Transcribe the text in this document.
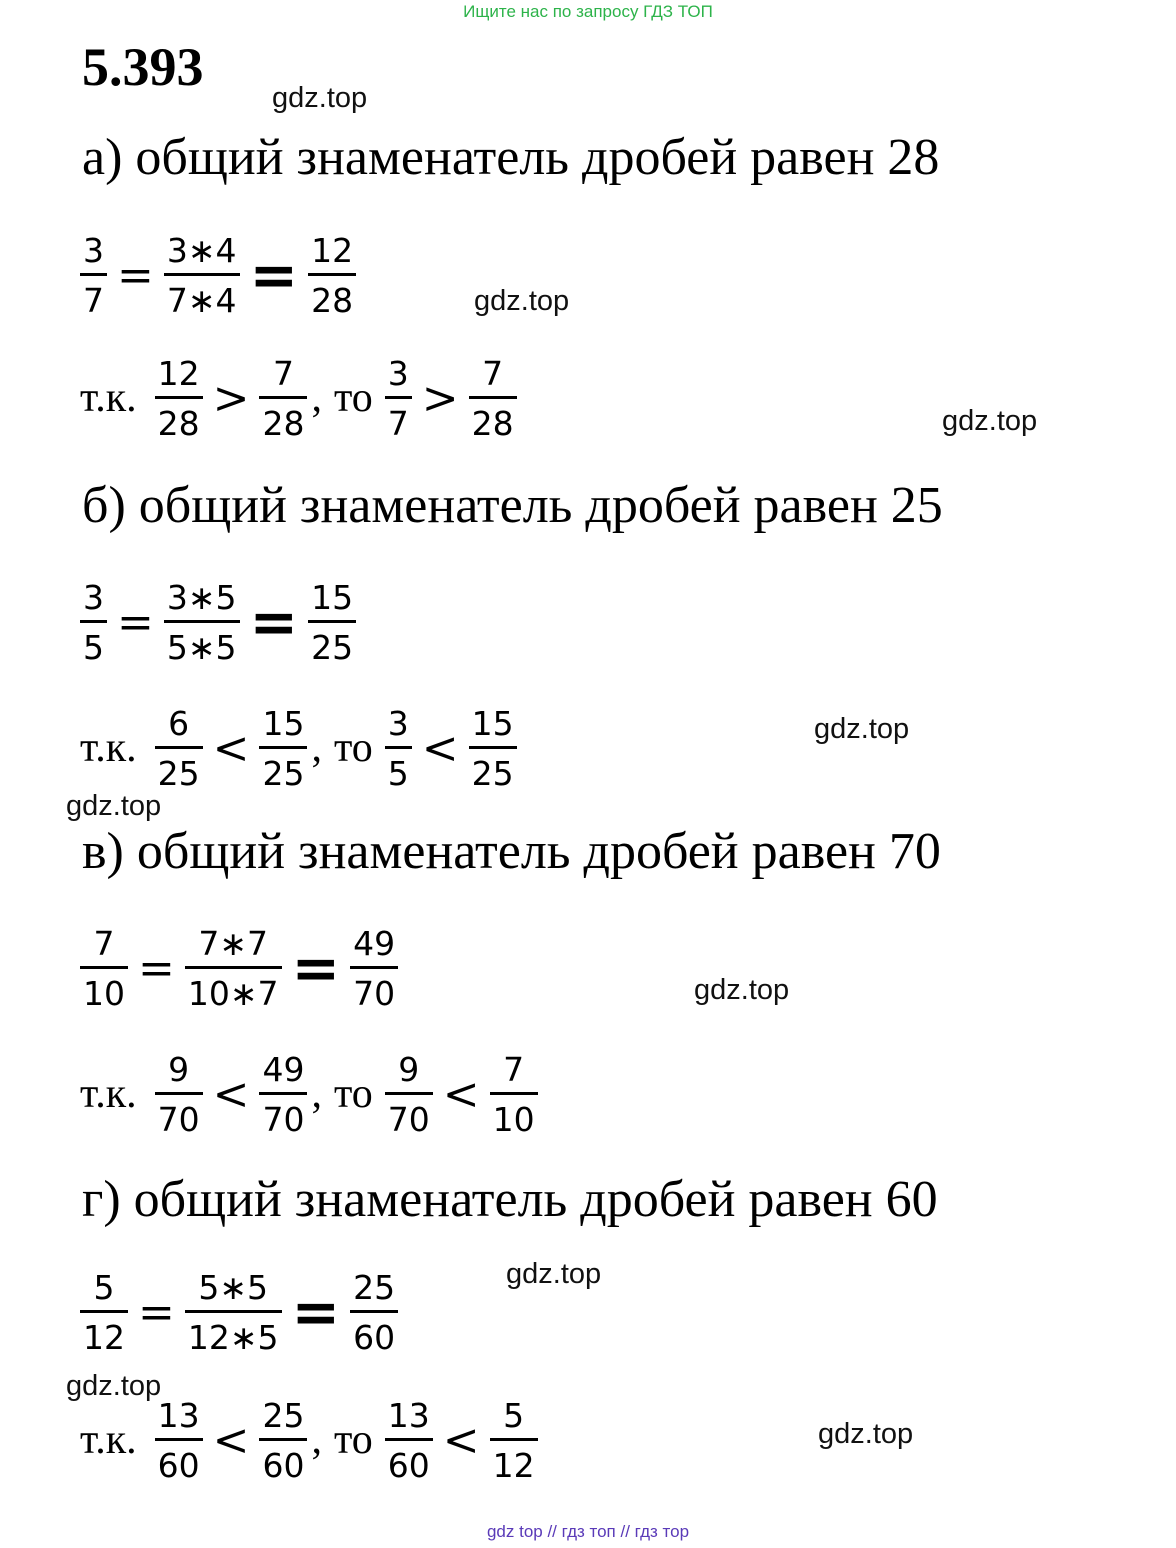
Ищите нас по запросу ГДЗ ТОП
5.393
gdz.top
gdz.top
gdz.top
gdz.top
gdz.top
gdz.top
gdz.top
gdz.top
gdz.top
а) общий знаменатель дробей равен 28
$\frac{3}{7} = \frac{3∗4}{7∗4} = \frac{12}{28}$
т.к. $\frac{12}{28} > \frac{7}{28}$ , то $\frac{3}{7} > \frac{7}{28}$
б) общий знаменатель дробей равен 25
$\frac{3}{5} = \frac{3∗5}{5∗5} = \frac{15}{25}$
т.к. $\frac{6}{25} < \frac{15}{25}$ , то $\frac{3}{5} < \frac{15}{25}$
в) общий знаменатель дробей равен 70
$\frac{7}{10} = \frac{7∗7}{10∗7} = \frac{49}{70}$
т.к. $\frac{9}{70} < \frac{49}{70}$ , то $\frac{9}{70} < \frac{7}{10}$
г) общий знаменатель дробей равен 60
$\frac{5}{12} = \frac{5∗5}{12∗5} = \frac{25}{60}$
т.к. $\frac{13}{60} < \frac{25}{60}$ , то $\frac{13}{60} < \frac{5}{12}$
gdz top // гдз топ // гдз тор
